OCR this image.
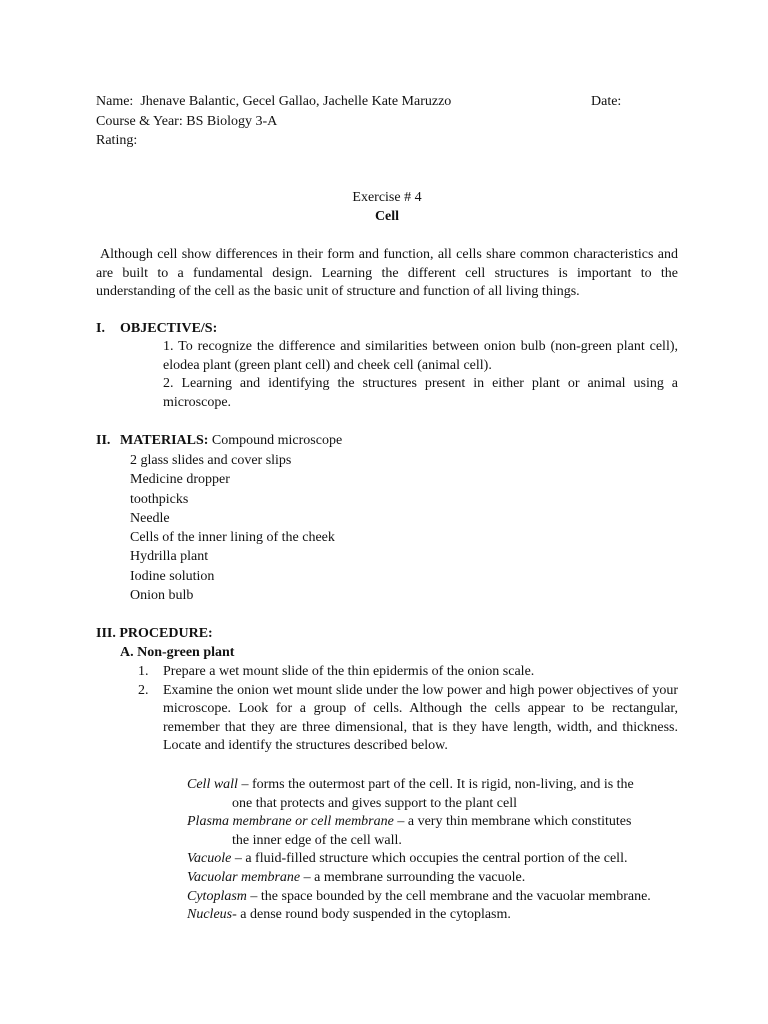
Name: Jhenave Balantic, Gecel Gallao, Jachelle Kate Maruzzo	Date:
Course & Year: BS Biology 3-A
Rating:
Exercise # 4
Cell

Although cell show differences in their form and function, all cells share common characteristics and are built to a fundamental design. Learning the different cell structures is important to the understanding of the cell as the basic unit of structure and function of all living things.

I. OBJECTIVE/S:

1. To recognize the difference and similarities between onion bulb (non-green plant cell), elodea plant (green plant cell) and cheek cell (animal cell).

2. Learning and identifying the structures present in either plant or animal using a microscope.

II. MATERIALS: Compound microscope
2 glass slides and cover slips
Medicine dropper
toothpicks
Needle
Cells of the inner lining of the cheek
Hydrilla plant
Iodine solution
Onion bulb
III. PROCEDURE:
A. Non-green plant
1. Prepare a wet mount slide of the thin epidermis of the onion scale.
2. Examine the onion wet mount slide under the low power and high power objectives of your microscope. Look for a group of cells. Although the cells appear to be rectangular, remember that they are three dimensional, that is they have length, width, and thickness. Locate and identify the structures described below.
Cell wall – forms the outermost part of the cell. It is rigid, non-living, and is the
one that protects and gives support to the plant cell
Plasma membrane or cell membrane – a very thin membrane which constitutes
the inner edge of the cell wall.
Vacuole – a fluid-filled structure which occupies the central portion of the cell.
Vacuolar membrane – a membrane surrounding the vacuole.
Cytoplasm – the space bounded by the cell membrane and the vacuolar membrane.
Nucleus- a dense round body suspended in the cytoplasm.
